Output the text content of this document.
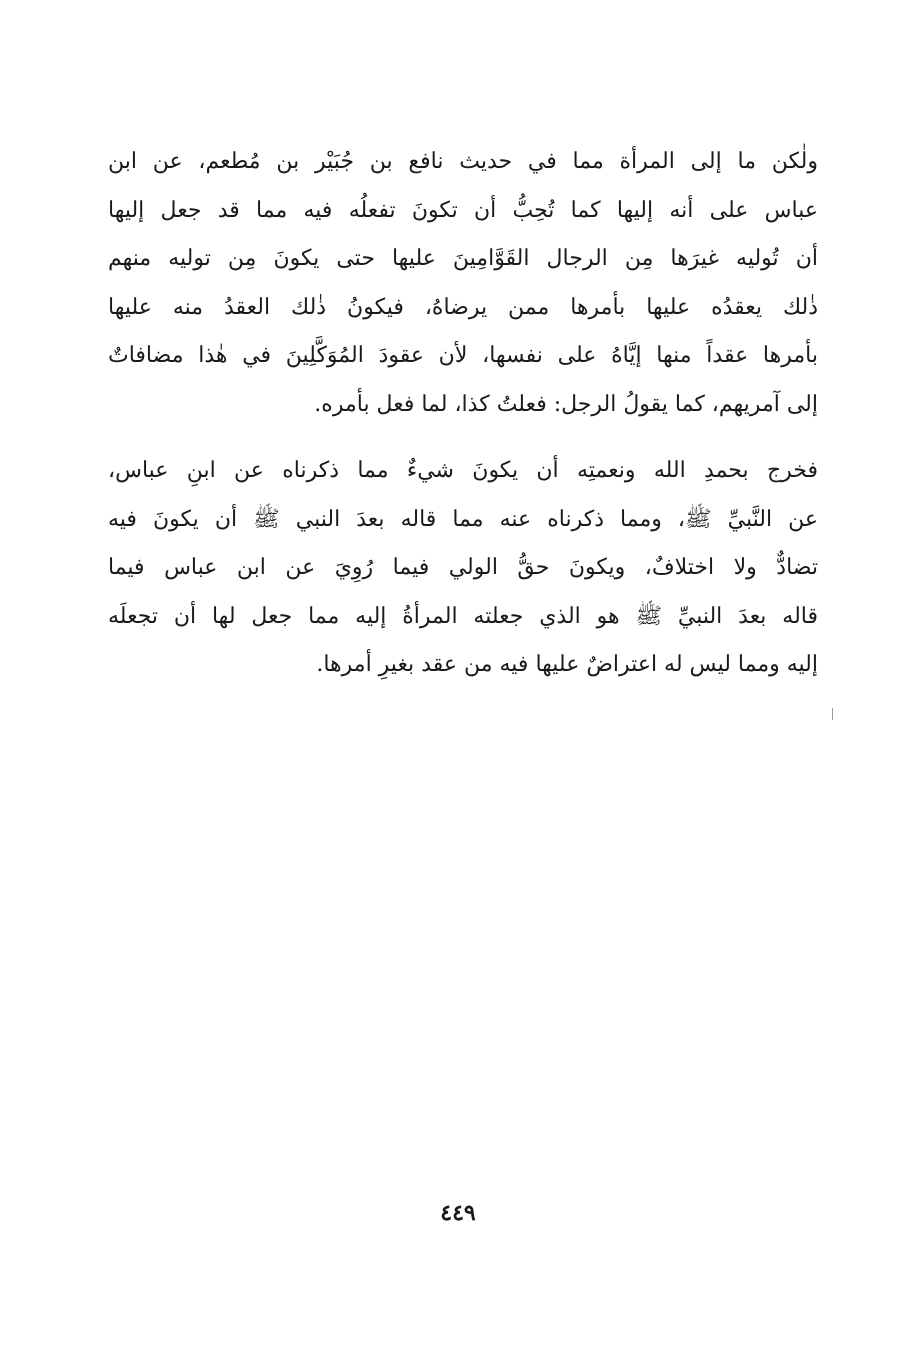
ولٰكن ما إلى المرأة مما في حديث نافع بن جُبَيْر بن مُطعم، عن ابن
عباس على أنه إليها كما تُحِبُّ أن تكونَ تفعلُه فيه مما قد جعل إليها
أن تُوليه غيرَها مِن الرجال القَوَّامِينَ عليها حتى يكونَ مِن توليه منهم
ذٰلك يعقدُه عليها بأمرها ممن يرضاهُ، فيكونُ ذٰلك العقدُ منه عليها
بأمرها عقداً منها إيَّاهُ على نفسها، لأن عقودَ المُوَكَّلِينَ في هٰذا مضافاتٌ
إلى آمريهم، كما يقولُ الرجل: فعلتُ كذا، لما فعل بأمره.

فخرج بحمدِ الله ونعمتِه أن يكونَ شيءٌ مما ذكرناه عن ابنِ عباس،
عن النَّبيِّ ﷺ، ومما ذكرناه عنه مما قاله بعدَ النبي ﷺ أن يكونَ فيه
تضادٌّ ولا اختلافٌ، ويكونَ حقُّ الولي فيما رُوِيَ عن ابن عباس فيما
قاله بعدَ النبيِّ ﷺ هو الذي جعلته المرأةُ إليه مما جعل لها أن تجعلَه
إليه ومما ليس له اعتراضٌ عليها فيه من عقد بغيرِ أمرها.

٤٤٩
